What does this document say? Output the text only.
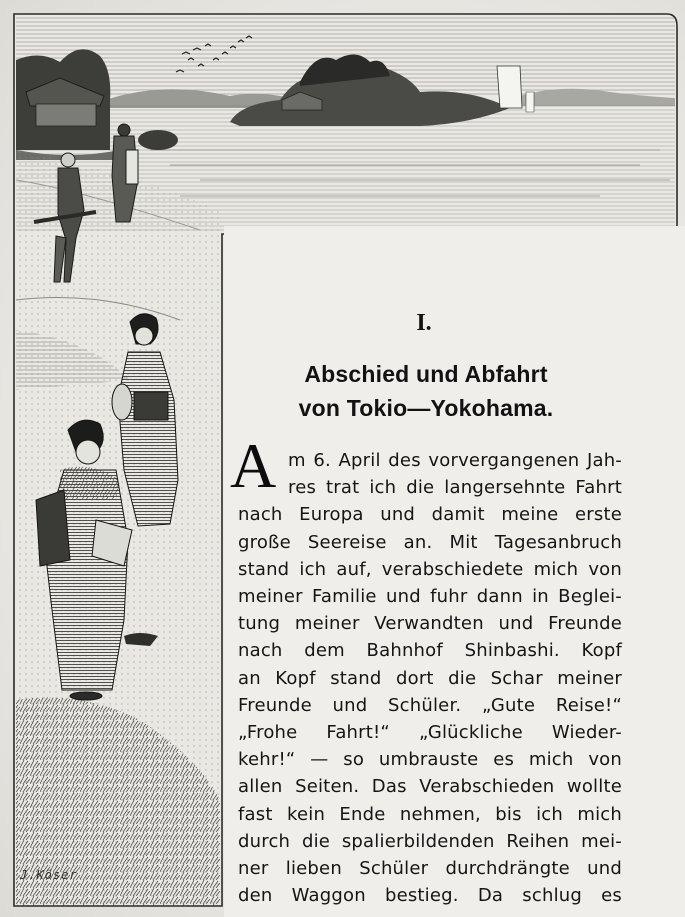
I.
Abschied und Abfahrt
von Tokio—Yokohama.
A m 6. April des vorvergangenen Jah-
res trat ich die langersehnte Fahrt
nach Europa und damit meine erste
große Seereise an. Mit Tagesanbruch
stand ich auf, verabschiedete mich von
meiner Familie und fuhr dann in Beglei-
tung meiner Verwandten und Freunde
nach dem Bahnhof Shinbashi. Kopf
an Kopf stand dort die Schar meiner
Freunde und Schüler. „Gute Reise!“
„Frohe Fahrt!“ „Glückliche Wieder-
kehr!“ — so umbrauste es mich von
allen Seiten. Das Verabschieden wollte
fast kein Ende nehmen, bis ich mich
durch die spalierbildenden Reihen mei-
ner lieben Schüler durchdrängte und
den Waggon bestieg. Da schlug es
J.Köser
